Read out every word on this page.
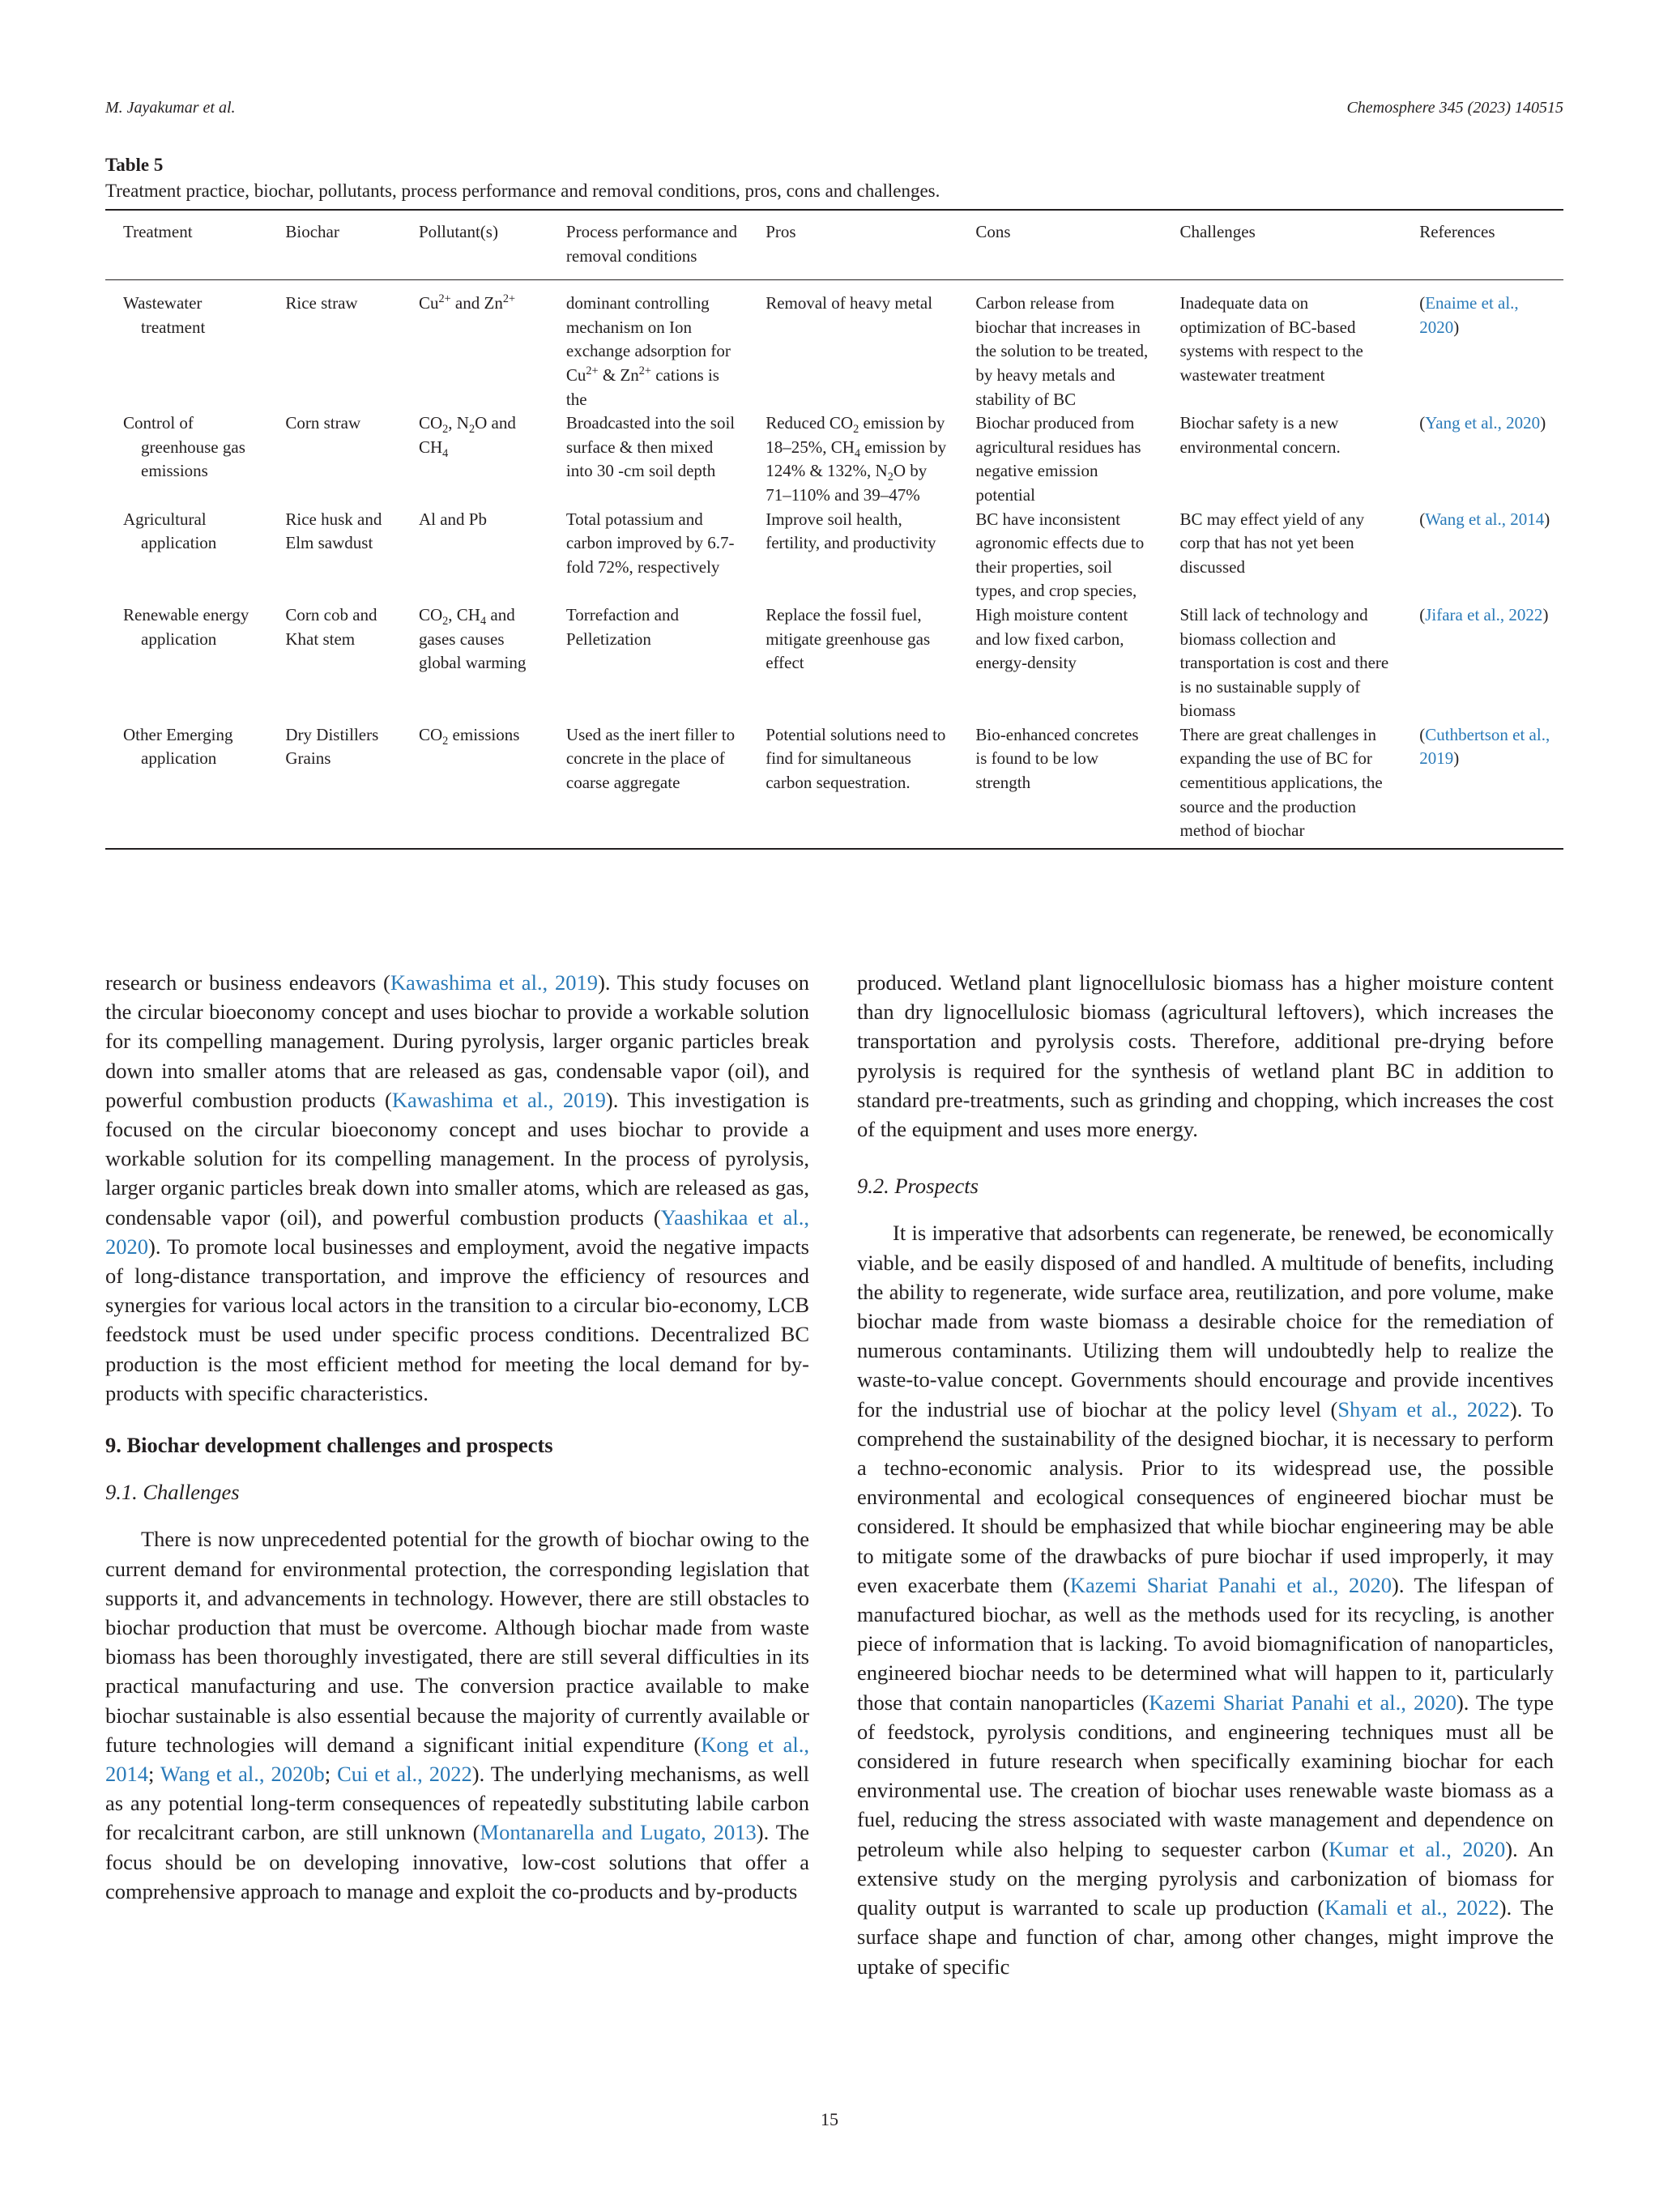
M. Jayakumar et al.	Chemosphere 345 (2023) 140515
Table 5
Treatment practice, biochar, pollutants, process performance and removal conditions, pros, cons and challenges.
Treatment	Biochar	Pollutant(s)	Process performance and removal conditions	Pros	Cons	Challenges	References

Wastewater treatment	Rice straw	$Cu^{2+}$ and $Zn^{2+}$	dominant controlling mechanism on Ion exchange adsorption for $Cu^{2+}$ & $Zn^{2+}$ cations is the	Removal of heavy metal	Carbon release from biochar that increases in the solution to be treated, by heavy metals and stability of BC	Inadequate data on optimization of BC-based systems with respect to the wastewater treatment	(Enaime et al., 2020)

Control of greenhouse gas emissions	Corn straw	$CO_2$, $N_2O$ and $CH_4$	Broadcasted into the soil surface & then mixed into 30 -cm soil depth	Reduced $CO_2$ emission by 18–25%, $CH_4$ emission by 124% & 132%, $N_2O$ by 71–110% and 39–47%	Biochar produced from agricultural residues has negative emission potential	Biochar safety is a new environmental concern.	(Yang et al., 2020)

Agricultural application	Rice husk and Elm sawdust	Al and Pb	Total potassium and carbon improved by 6.7-fold 72%, respectively	Improve soil health, fertility, and productivity	BC have inconsistent agronomic effects due to their properties, soil types, and crop species,	BC may effect yield of any corp that has not yet been discussed	(Wang et al., 2014)

Renewable energy application	Corn cob and Khat stem	$CO_2$, $CH_4$ and gases causes global warming	Torrefaction and Pelletization	Replace the fossil fuel, mitigate greenhouse gas effect	High moisture content and low fixed carbon, energy-density	Still lack of technology and biomass collection and transportation is cost and there is no sustainable supply of biomass	(Jifara et al., 2022)

Other Emerging application	Dry Distillers Grains	$CO_2$ emissions	Used as the inert filler to concrete in the place of coarse aggregate	Potential solutions need to find for simultaneous carbon sequestration.	Bio-enhanced concretes is found to be low strength	There are great challenges in expanding the use of BC for cementitious applications, the source and the production method of biochar	(Cuthbertson et al., 2019)

research or business endeavors (Kawashima et al., 2019). This study focuses on the circular bioeconomy concept and uses biochar to provide a workable solution for its compelling management. During pyrolysis, larger organic particles break down into smaller atoms that are released as gas, condensable vapor (oil), and powerful combustion products (Kawashima et al., 2019). This investigation is focused on the circular bioeconomy concept and uses biochar to provide a workable solution for its compelling management. In the process of pyrolysis, larger organic particles break down into smaller atoms, which are released as gas, condensable vapor (oil), and powerful combustion products (Yaashikaa et al., 2020). To promote local businesses and employment, avoid the negative impacts of long-distance transportation, and improve the efficiency of resources and synergies for various local actors in the transition to a circular bio-economy, LCB feedstock must be used under specific process conditions. Decentralized BC production is the most efficient method for meeting the local demand for by-products with specific characteristics.

9. Biochar development challenges and prospects

9.1. Challenges

There is now unprecedented potential for the growth of biochar owing to the current demand for environmental protection, the corresponding legislation that supports it, and advancements in technology. However, there are still obstacles to biochar production that must be overcome. Although biochar made from waste biomass has been thoroughly investigated, there are still several difficulties in its practical manufacturing and use. The conversion practice available to make biochar sustainable is also essential because the majority of currently available or future technologies will demand a significant initial expenditure (Kong et al., 2014; Wang et al., 2020b; Cui et al., 2022). The underlying mechanisms, as well as any potential long-term consequences of repeatedly substituting labile carbon for recalcitrant carbon, are still unknown (Montanarella and Lugato, 2013). The focus should be on developing innovative, low-cost solutions that offer a comprehensive approach to manage and exploit the co-products and by-products

produced. Wetland plant lignocellulosic biomass has a higher moisture content than dry lignocellulosic biomass (agricultural leftovers), which increases the transportation and pyrolysis costs. Therefore, additional pre-drying before pyrolysis is required for the synthesis of wetland plant BC in addition to standard pre-treatments, such as grinding and chopping, which increases the cost of the equipment and uses more energy.

9.2. Prospects

It is imperative that adsorbents can regenerate, be renewed, be economically viable, and be easily disposed of and handled. A multitude of benefits, including the ability to regenerate, wide surface area, reutilization, and pore volume, make biochar made from waste biomass a desirable choice for the remediation of numerous contaminants. Utilizing them will undoubtedly help to realize the waste-to-value concept. Governments should encourage and provide incentives for the industrial use of biochar at the policy level (Shyam et al., 2022). To comprehend the sustainability of the designed biochar, it is necessary to perform a techno-economic analysis. Prior to its widespread use, the possible environmental and ecological consequences of engineered biochar must be considered. It should be emphasized that while biochar engineering may be able to mitigate some of the drawbacks of pure biochar if used improperly, it may even exacerbate them (Kazemi Shariat Panahi et al., 2020). The lifespan of manufactured biochar, as well as the methods used for its recycling, is another piece of information that is lacking. To avoid biomagnification of nanoparticles, engineered biochar needs to be determined what will happen to it, particularly those that contain nanoparticles (Kazemi Shariat Panahi et al., 2020). The type of feedstock, pyrolysis conditions, and engineering techniques must all be considered in future research when specifically examining biochar for each environmental use. The creation of biochar uses renewable waste biomass as a fuel, reducing the stress associated with waste management and dependence on petroleum while also helping to sequester carbon (Kumar et al., 2020). An extensive study on the merging pyrolysis and carbonization of biomass for quality output is warranted to scale up production (Kamali et al., 2022). The surface shape and function of char, among other changes, might improve the uptake of specific

15
